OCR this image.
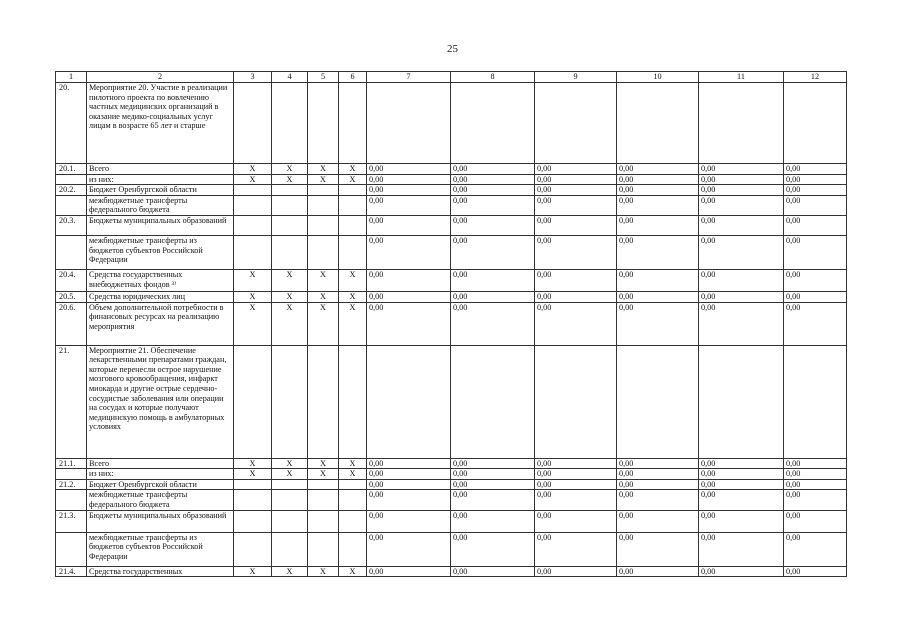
25
1	2	3	4	5	6	7	8	9	10	11	12
20.	Мероприятие 20. Участие в реализации пилотного проекта по вовлечению частных медицинских организаций в оказание медико-социальных услуг лицам в возрасте 65 лет и старше										
20.1.	Всего	Х	Х	Х	Х	0,00	0,00	0,00	0,00	0,00	0,00
	из них:	Х	Х	Х	Х	0,00	0,00	0,00	0,00	0,00	0,00
20.2.	Бюджет Оренбургской области					0,00	0,00	0,00	0,00	0,00	0,00
	межбюджетные трансферты федерального бюджета					0,00	0,00	0,00	0,00	0,00	0,00
20.3.	Бюджеты муниципальных образований					0,00	0,00	0,00	0,00	0,00	0,00
	межбюджетные трансферты из бюджетов субъектов Российской Федерации					0,00	0,00	0,00	0,00	0,00	0,00
20.4.	Средства государственных внебюджетных фондов ³⁾	Х	Х	Х	Х	0,00	0,00	0,00	0,00	0,00	0,00
20.5.	Средства юридических лиц	Х	Х	Х	Х	0,00	0,00	0,00	0,00	0,00	0,00
20.6.	Объем дополнительной потребности в финансовых ресурсах на реализацию мероприятия	Х	Х	Х	Х	0,00	0,00	0,00	0,00	0,00	0,00
21.	Мероприятие 21. Обеспечение лекарственными препаратами граждан, которые перенесли острое нарушение мозгового кровообращения, инфаркт миокарда и другие острые сердечно-сосудистые заболевания или операции на сосудах и которые получают медицинскую помощь в амбулаторных условиях										
21.1.	Всего	Х	Х	Х	Х	0,00	0,00	0,00	0,00	0,00	0,00
	из них:	Х	Х	Х	Х	0,00	0,00	0,00	0,00	0,00	0,00
21.2.	Бюджет Оренбургской области					0,00	0,00	0,00	0,00	0,00	0,00
	межбюджетные трансферты федерального бюджета					0,00	0,00	0,00	0,00	0,00	0,00
21.3.	Бюджеты муниципальных образований					0,00	0,00	0,00	0,00	0,00	0,00
	межбюджетные трансферты из бюджетов субъектов Российской Федерации					0,00	0,00	0,00	0,00	0,00	0,00
21.4.	Средства государственных	Х	Х	Х	Х	0,00	0,00	0,00	0,00	0,00	0,00
